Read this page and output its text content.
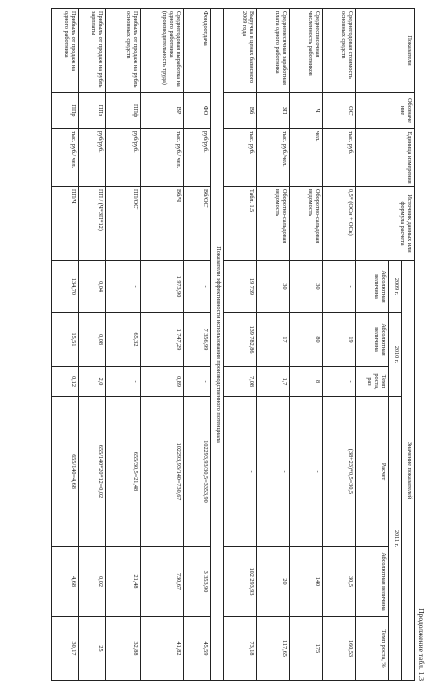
Продолжение табл. 1.3
Показатели	Обозначе ние	Единица измерения	Источник данных или формула расчета	Значение показателей					
				2009 г.	2010 г.		2011 г.		
				Абсолютная величина	Абсолютная величина	Темп роста, раз	Расчет	Абсолютная величина	Темп роста, %
Среднегодовая стоимость основных средств	ОС̄	тыс. руб.	0,5* (ОСн + ОСк)	-	19	-	(38+23)*0,5=30,5	30,5	160,53
Среднесписочная численность работников	Ч	чел.	Оборотно-сальдовая ведомость	30	80	8	-	140	175
Среднемесячная заработная плата одного работника	ЗП	тыс. руб./чел.	Оборотно-сальдовая ведомость	30	17	1,7	-	20	117,65
Выручка в ценах базисного 2009 года	Вб	тыс. руб.	Табл. 1.5	19 739	139 782,86	7,08	-	102 293,93	73,18
Показатели эффективности использования производственного потенциала									
Фондоотдача	ФО	руб/руб.	Вб/ОС̄	-	7 356,99	-	102293,93/30,5=3353,90	3 353,90	45,59
Среднегодовая выработка на одного работника (производительность труда)	ВР	тыс. руб./ чел.	Вб/Ч	1 973,90	1 747,29	0,89	102293,93/140=730,67	730,67	41,82
Прибыль от продаж на рубль основных средств	ППф	руб/руб.	ПП/ОС̄	-	65,32	-	655/30,5=21,48	21,48	32,88
Прибыль от продаж на рубль зарплаты	ППз	руб/руб.	ПП / (Ч*ЗП*12)	0,04	0,08	2,0	655/140*20*12=0,02	0,02	25
Прибыль от продаж на одного работника	ППр	тыс. руб./ чел.	ПП/Ч	134,70	15,51	0,12	655/140=4,68	4,68	30,17
